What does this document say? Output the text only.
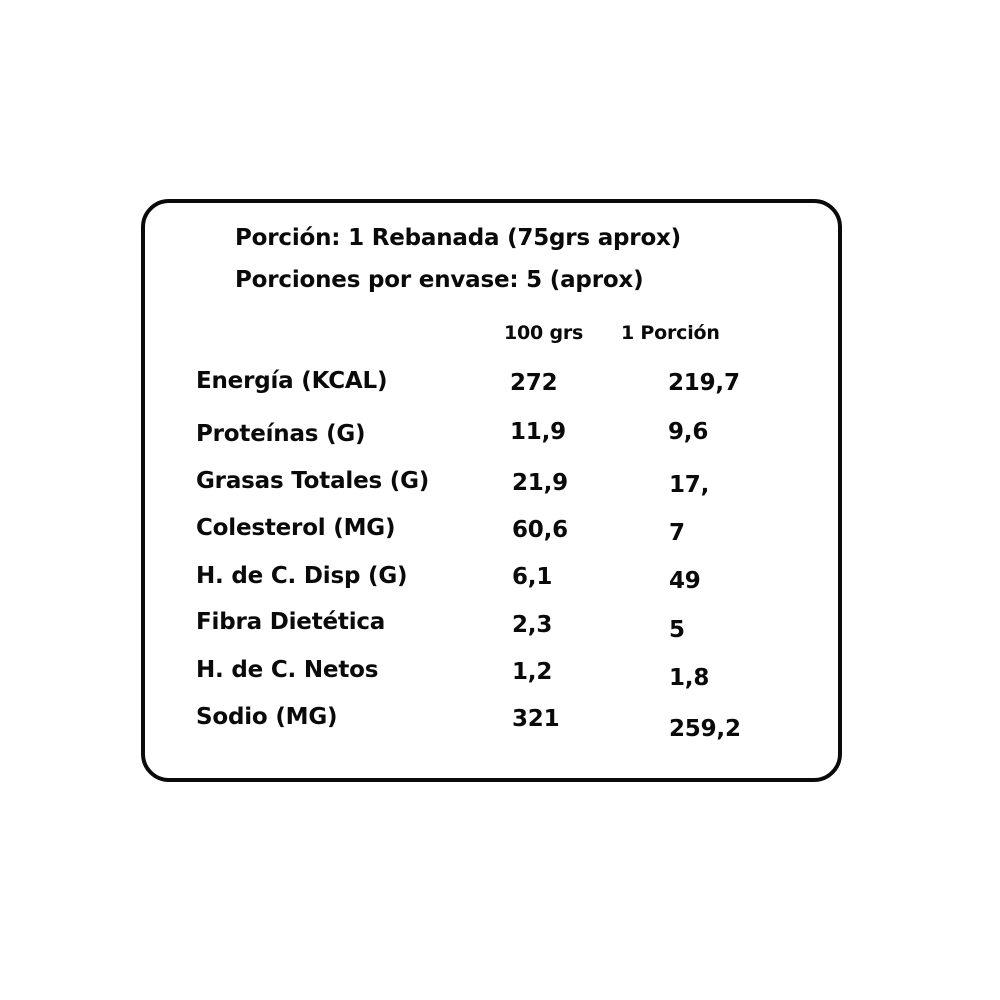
Porción: 1 Rebanada (75grs aprox)
Porciones por envase: 5 (aprox)
100 grs 1 Porción
Energía (KCAL)	272	219,7
Proteínas (G)	11,9	9,6
Grasas Totales (G)	21,9	17,
Colesterol (MG)	60,6	7
H. de C. Disp (G)	6,1	49
Fibra Dietética	2,3	5
H. de C. Netos	1,2	1,8
Sodio (MG)	321	259,2
